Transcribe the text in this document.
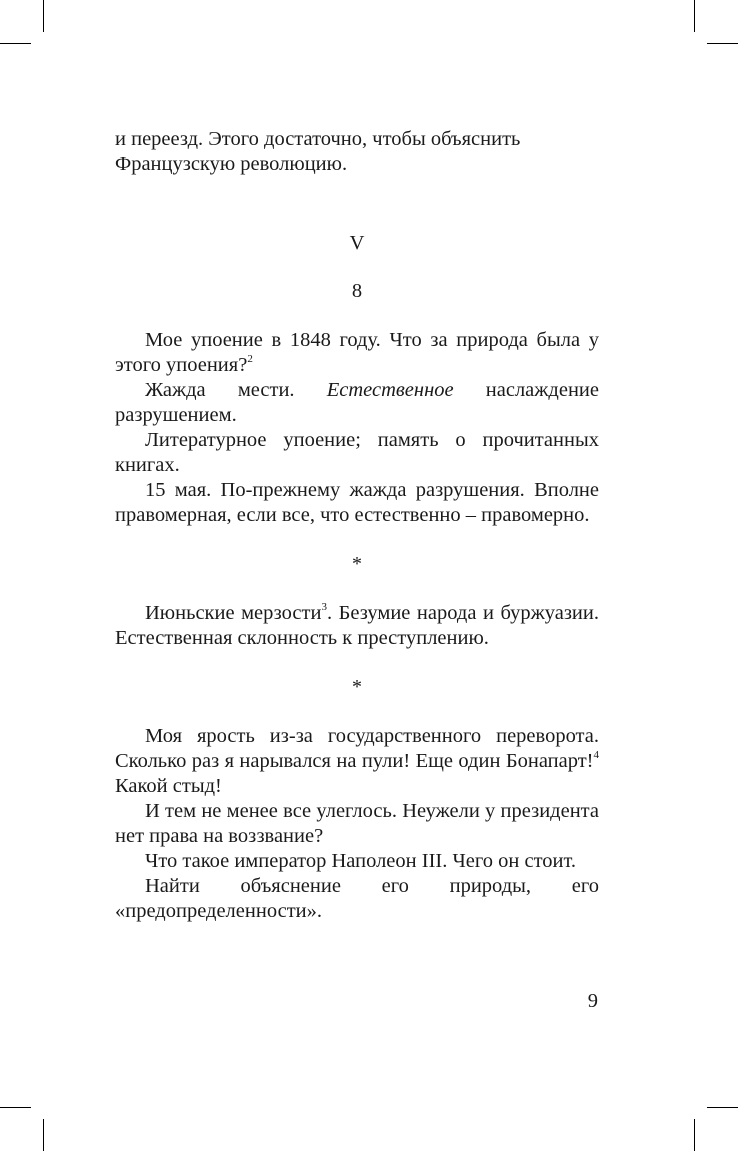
и переезд. Этого достаточно, чтобы объяснить Французскую революцию.

V

8

Мое упоение в 1848 году. Что за природа была у этого упоения?$^2$

Жажда мести. Естественное наслаждение разрушением.

Литературное упоение; память о прочитанных книгах.

15 мая. По-прежнему жажда разрушения. Вполне правомерная, если все, что естественно – правомерно.

*

Июньские мерзости$^3$. Безумие народа и буржуазии. Естественная склонность к преступлению.

*

Моя ярость из-за государственного переворота. Сколько раз я нарывался на пули! Еще один Бонапарт!$^4$ Какой стыд!

И тем не менее все улеглось. Неужели у президента нет права на воззвание?

Что такое император Наполеон III. Чего он стоит.

Найти объяснение его природы, его «предопределенности».

9
